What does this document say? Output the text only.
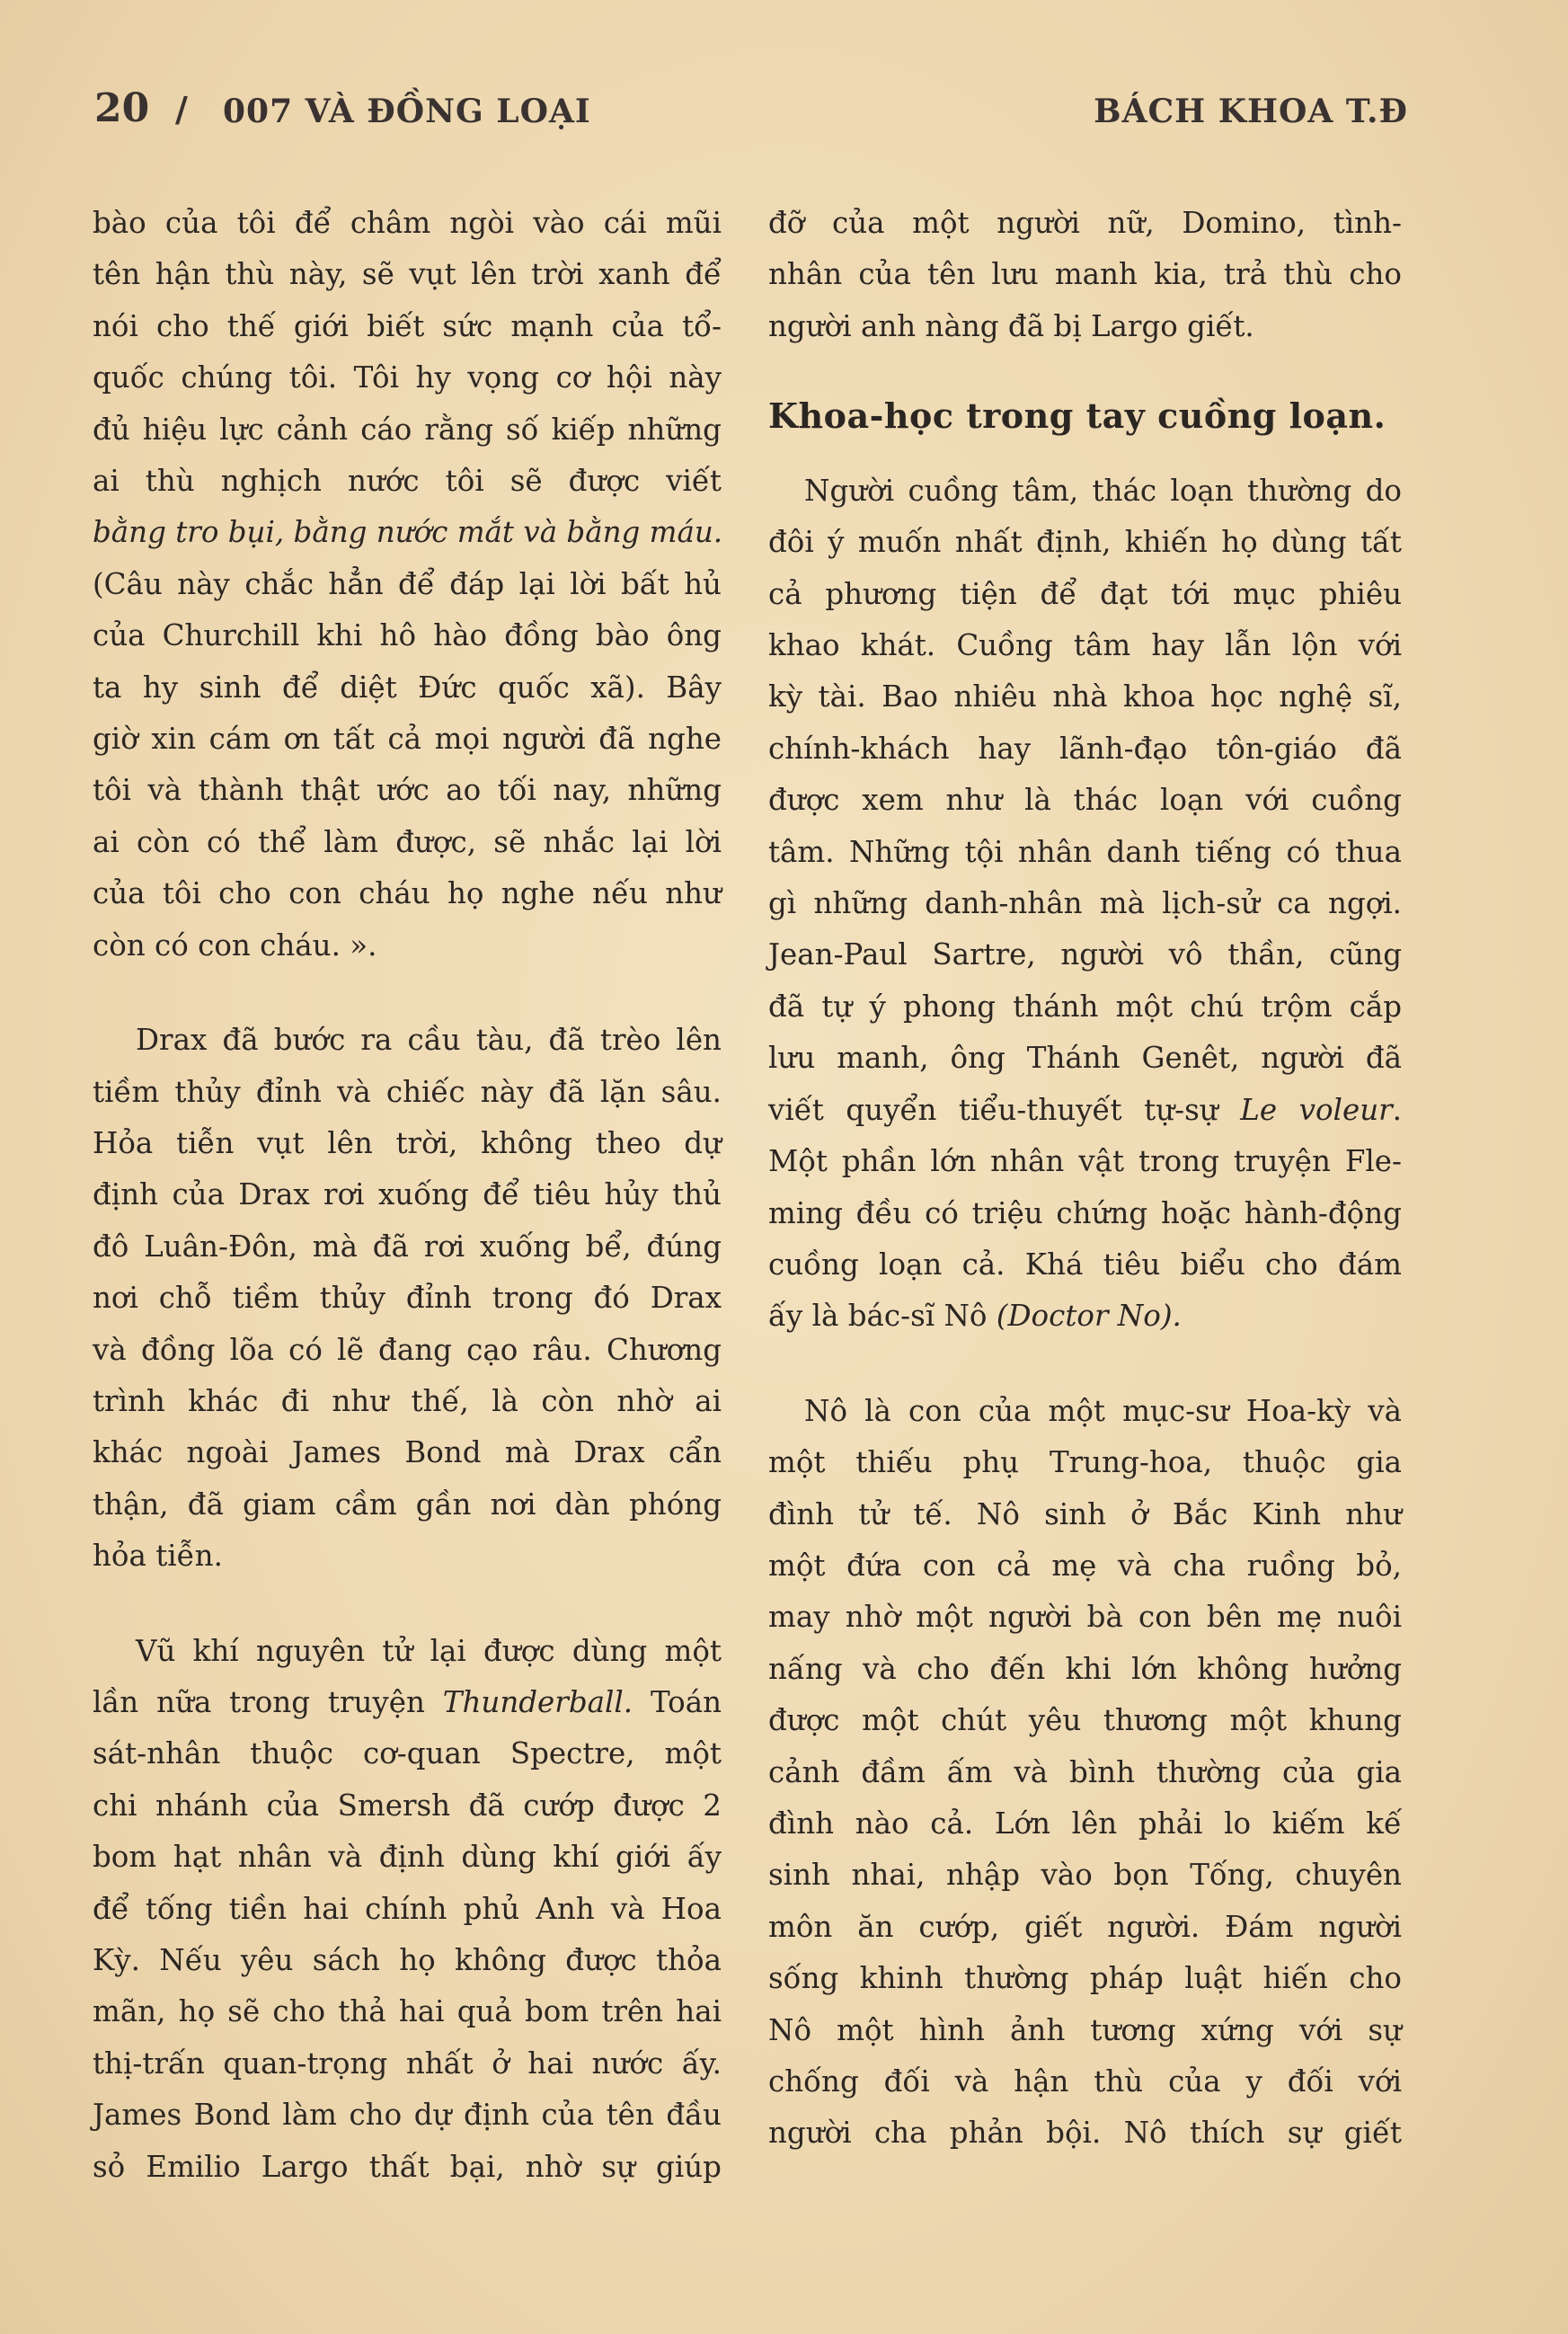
20 / 007 VÀ ĐỒNG LOẠI	BÁCH KHOA T.Đ

bào của tôi để châm ngòi vào cái mũi
tên hận thù này, sẽ vụt lên trời xanh để
nói cho thế giới biết sức mạnh của tổ-
quốc chúng tôi. Tôi hy vọng cơ hội này
đủ hiệu lực cảnh cáo rằng số kiếp những
ai thù nghịch nước tôi sẽ được viết
bằng tro bụi, bằng nước mắt và bằng máu.
(Câu này chắc hẳn để đáp lại lời bất hủ
của Churchill khi hô hào đồng bào ông
ta hy sinh để diệt Đức quốc xã). Bây
giờ xin cám ơn tất cả mọi người đã nghe
tôi và thành thật ước ao tối nay, những
ai còn có thể làm được, sẽ nhắc lại lời
của tôi cho con cháu họ nghe nếu như
còn có con cháu. ».

Drax đã bước ra cầu tàu, đã trèo lên
tiềm thủy đỉnh và chiếc này đã lặn sâu.
Hỏa tiễn vụt lên trời, không theo dự
định của Drax rơi xuống để tiêu hủy thủ
đô Luân-Đôn, mà đã rơi xuống bể, đúng
nơi chỗ tiềm thủy đỉnh trong đó Drax
và đồng lõa có lẽ đang cạo râu. Chương
trình khác đi như thế, là còn nhờ ai
khác ngoài James Bond mà Drax cẩn
thận, đã giam cầm gần nơi dàn phóng
hỏa tiễn.

Vũ khí nguyên tử lại được dùng một
lần nữa trong truyện Thunderball. Toán
sát-nhân thuộc cơ-quan Spectre, một
chi nhánh của Smersh đã cướp được 2
bom hạt nhân và định dùng khí giới ấy
để tống tiền hai chính phủ Anh và Hoa
Kỳ. Nếu yêu sách họ không được thỏa
mãn, họ sẽ cho thả hai quả bom trên hai
thị-trấn quan-trọng nhất ở hai nước ấy.
James Bond làm cho dự định của tên đầu
sỏ Emilio Largo thất bại, nhờ sự giúp

đỡ của một người nữ, Domino, tình-
nhân của tên lưu manh kia, trả thù cho
người anh nàng đã bị Largo giết.

Khoa-học trong tay cuồng loạn.

Người cuồng tâm, thác loạn thường do
đôi ý muốn nhất định, khiến họ dùng tất
cả phương tiện để đạt tới mục phiêu
khao khát. Cuồng tâm hay lẫn lộn với
kỳ tài. Bao nhiêu nhà khoa học nghệ sĩ,
chính-khách hay lãnh-đạo tôn-giáo đã
được xem như là thác loạn với cuồng
tâm. Những tội nhân danh tiếng có thua
gì những danh-nhân mà lịch-sử ca ngợi.
Jean-Paul Sartre, người vô thần, cũng
đã tự ý phong thánh một chú trộm cắp
lưu manh, ông Thánh Genêt, người đã
viết quyển tiểu-thuyết tự-sự Le voleur.
Một phần lớn nhân vật trong truyện Fle-
ming đều có triệu chứng hoặc hành-động
cuồng loạn cả. Khá tiêu biểu cho đám
ấy là bác-sĩ Nô (Doctor No).

Nô là con của một mục-sư Hoa-kỳ và
một thiếu phụ Trung-hoa, thuộc gia
đình tử tế. Nô sinh ở Bắc Kinh như
một đứa con cả mẹ và cha ruồng bỏ,
may nhờ một người bà con bên mẹ nuôi
nấng và cho đến khi lớn không hưởng
được một chút yêu thương một khung
cảnh đầm ấm và bình thường của gia
đình nào cả. Lớn lên phải lo kiếm kế
sinh nhai, nhập vào bọn Tống, chuyên
môn ăn cướp, giết người. Đám người
sống khinh thường pháp luật hiến cho
Nô một hình ảnh tương xứng với sự
chống đối và hận thù của y đối với
người cha phản bội. Nô thích sự giết
